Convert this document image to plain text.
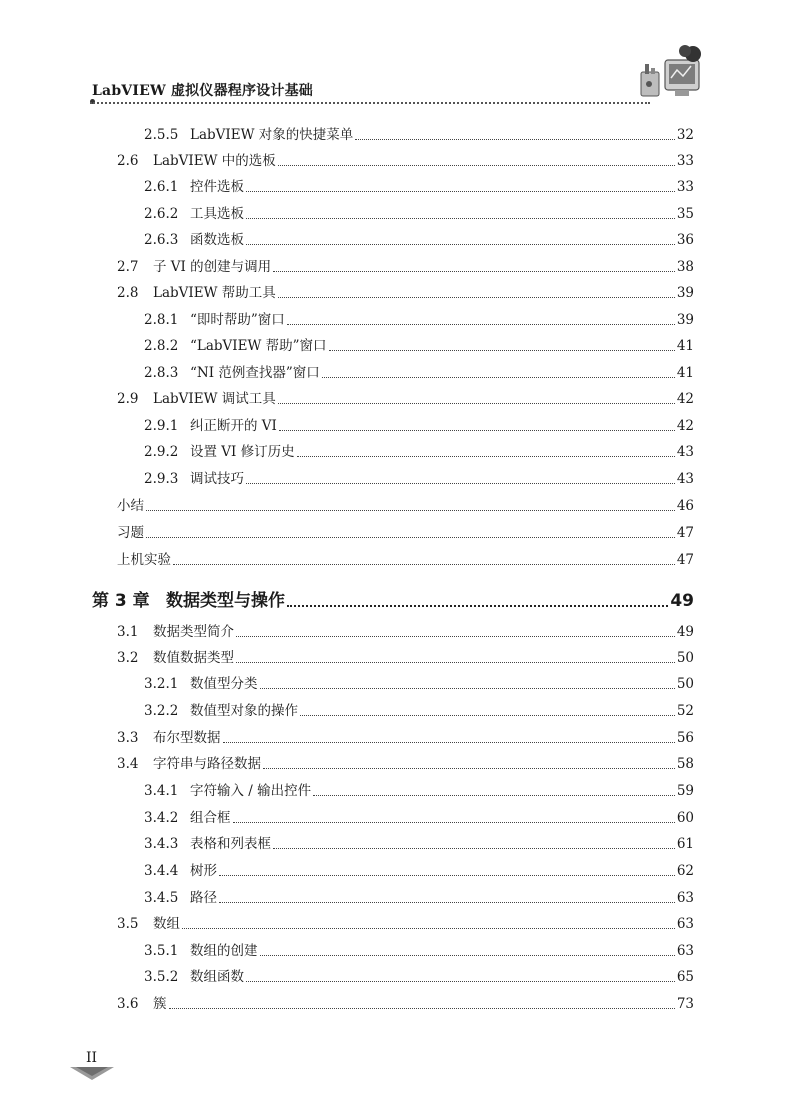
LabVIEW 虚拟仪器程序设计基础
2.5.5 LabVIEW 对象的快捷菜单	32
2.6	LabVIEW 中的选板	33
2.6.1 控件选板	33
2.6.2 工具选板	35
2.6.3 函数选板	36
2.7	子 VI 的创建与调用	38
2.8	LabVIEW 帮助工具	39
2.8.1 “即时帮助”窗口	39
2.8.2 “LabVIEW 帮助”窗口	41
2.8.3 “NI 范例查找器”窗口	41
2.9	LabVIEW 调试工具	42
2.9.1 纠正断开的 VI	42
2.9.2 设置 VI 修订历史	43
2.9.3 调试技巧	43
小结	46
习题	47
上机实验	47
第 3 章 数据类型与操作	49
3.1	数据类型简介	49
3.2	数值数据类型	50
3.2.1 数值型分类	50
3.2.2 数值型对象的操作	52
3.3	布尔型数据	56
3.4	字符串与路径数据	58
3.4.1 字符输入 / 输出控件	59
3.4.2 组合框	60
3.4.3 表格和列表框	61
3.4.4 树形	62
3.4.5 路径	63
3.5	数组	63
3.5.1 数组的创建	63
3.5.2 数组函数	65
3.6	簇	73
II
